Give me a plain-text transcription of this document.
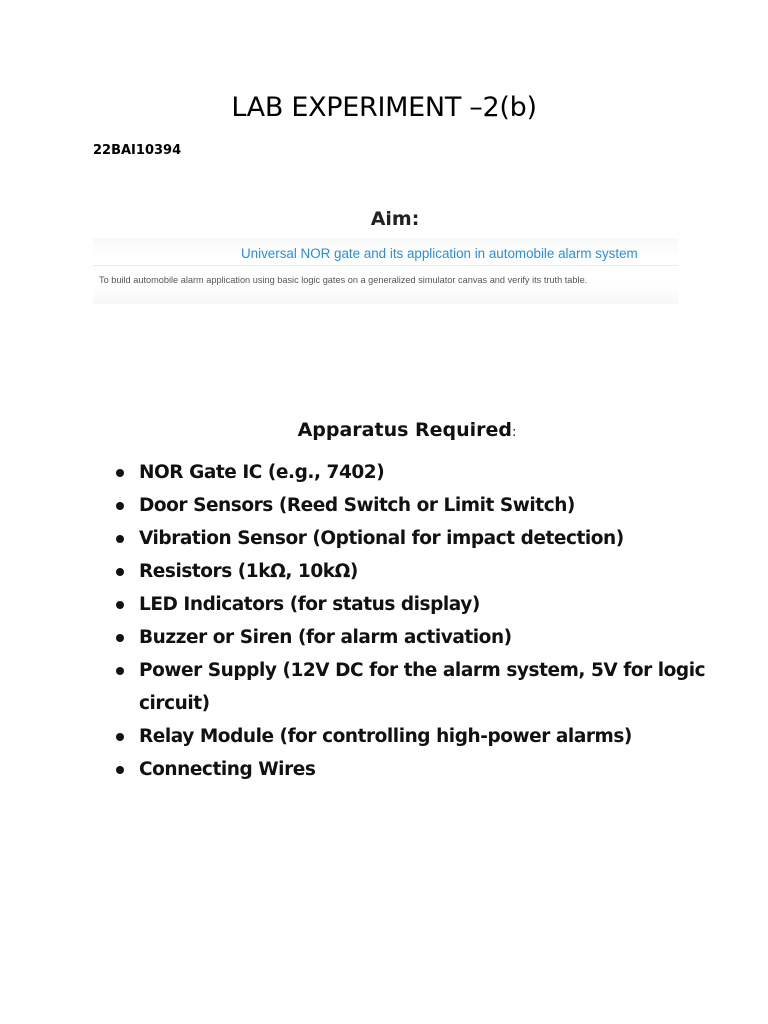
LAB EXPERIMENT –2(b)
22BAI10394
Aim:
Universal NOR gate and its application in automobile alarm system
To build automobile alarm application using basic logic gates on a generalized simulator canvas and verify its truth table.
Apparatus Required:
NOR Gate IC (e.g., 7402)
Door Sensors (Reed Switch or Limit Switch)
Vibration Sensor (Optional for impact detection)
Resistors (1kΩ, 10kΩ)
LED Indicators (for status display)
Buzzer or Siren (for alarm activation)
Power Supply (12V DC for the alarm system, 5V for logic circuit)
Relay Module (for controlling high-power alarms)
Connecting Wires
